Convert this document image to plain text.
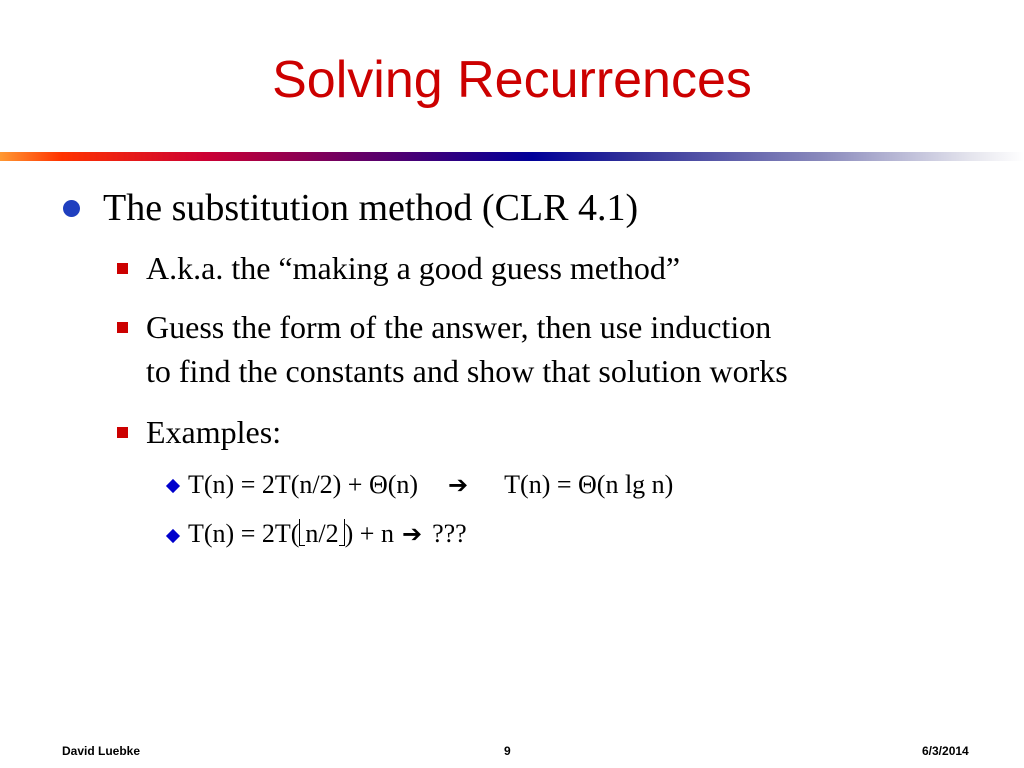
Solving Recurrences
The substitution method (CLR 4.1)
A.k.a. the “making a good guess method”
Guess the form of the answer, then use induction
to find the constants and show that solution works
Examples:
T(n) = 2T(n/2) + Θ(n) ➔ T(n) = Θ(n lg n)
T(n) = 2T( n/2 ) + n ➔ ???
David Luebke	9	6/3/2014
